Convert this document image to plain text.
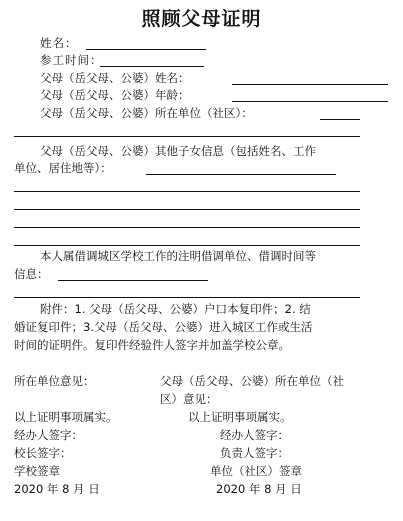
照顾父母证明
姓名：
参工时间：
父母（岳父母、公婆）姓名：
父母（岳父母、公婆）年龄：
父母（岳父母、公婆）所在单位（社区）：
父母（岳父母、公婆）其他子女信息（包括姓名、工作
单位、居住地等）：
本人属借调城区学校工作的注明借调单位、借调时间等
信息：
附件：1. 父母（岳父母、公婆）户口本复印件；2. 结
婚证复印件；3.父母（岳父母、公婆）进入城区工作或生活
时间的证明件。复印件经验件人签字并加盖学校公章。
所在单位意见：	父母（岳父母、公婆）所在单位（社
区）意见：
以上证明事项属实。	以上证明事项属实。
经办人签字：	经办人签字：
校长签字：	负责人签字：
学校签章	单位（社区）签章
2020 年 8 月 日	2020 年 8 月 日
